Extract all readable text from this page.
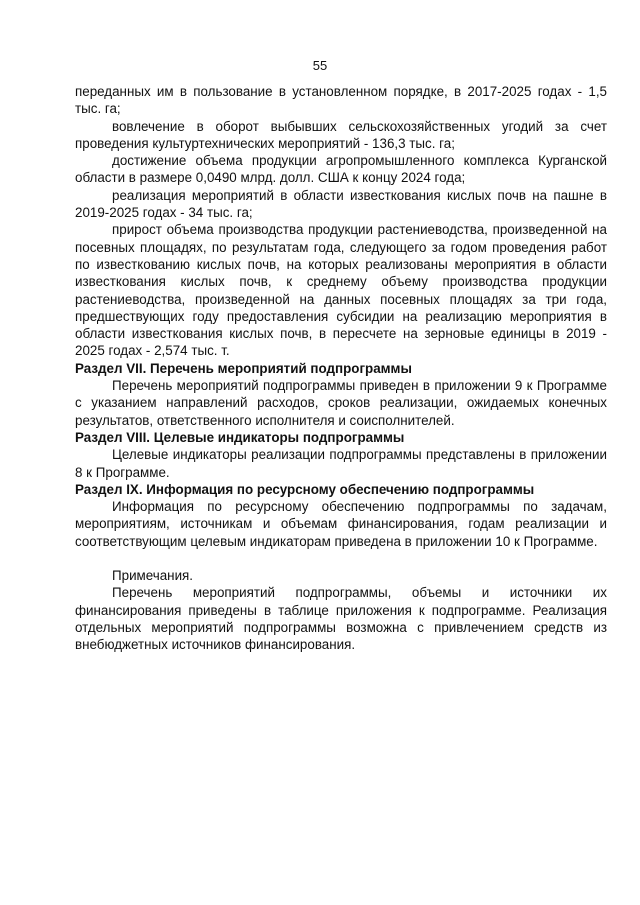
55

переданных им в пользование в установленном порядке, в 2017-2025 годах - 1,5 тыс. га;

вовлечение в оборот выбывших сельскохозяйственных угодий за счет проведения культуртехнических мероприятий - 136,3 тыс. га;

достижение объема продукции агропромышленного комплекса Курганской области в размере 0,0490 млрд. долл. США к концу 2024 года;

реализация мероприятий в области известкования кислых почв на пашне в 2019-2025 годах - 34 тыс. га;

прирост объема производства продукции растениеводства, произведенной на посевных площадях, по результатам года, следующего за годом проведения работ по известкованию кислых почв, на которых реализованы мероприятия в области известкования кислых почв, к среднему объему производства продукции растениеводства, произведенной на данных посевных площадях за три года, предшествующих году предоставления субсидии на реализацию мероприятия в области известкования кислых почв, в пересчете на зерновые единицы в 2019 - 2025 годах - 2,574 тыс. т.

Раздел VII. Перечень мероприятий подпрограммы

Перечень мероприятий подпрограммы приведен в приложении 9 к Программе с указанием направлений расходов, сроков реализации, ожидаемых конечных результатов, ответственного исполнителя и соисполнителей.

Раздел VIII. Целевые индикаторы подпрограммы

Целевые индикаторы реализации подпрограммы представлены в приложении 8 к Программе.

Раздел IX. Информация по ресурсному обеспечению подпрограммы

Информация по ресурсному обеспечению подпрограммы по задачам, мероприятиям, источникам и объемам финансирования, годам реализации и соответствующим целевым индикаторам приведена в приложении 10 к Программе.

Примечания.

Перечень мероприятий подпрограммы, объемы и источники их финансирования приведены в таблице приложения к подпрограмме. Реализация отдельных мероприятий подпрограммы возможна с привлечением средств из внебюджетных источников финансирования.
